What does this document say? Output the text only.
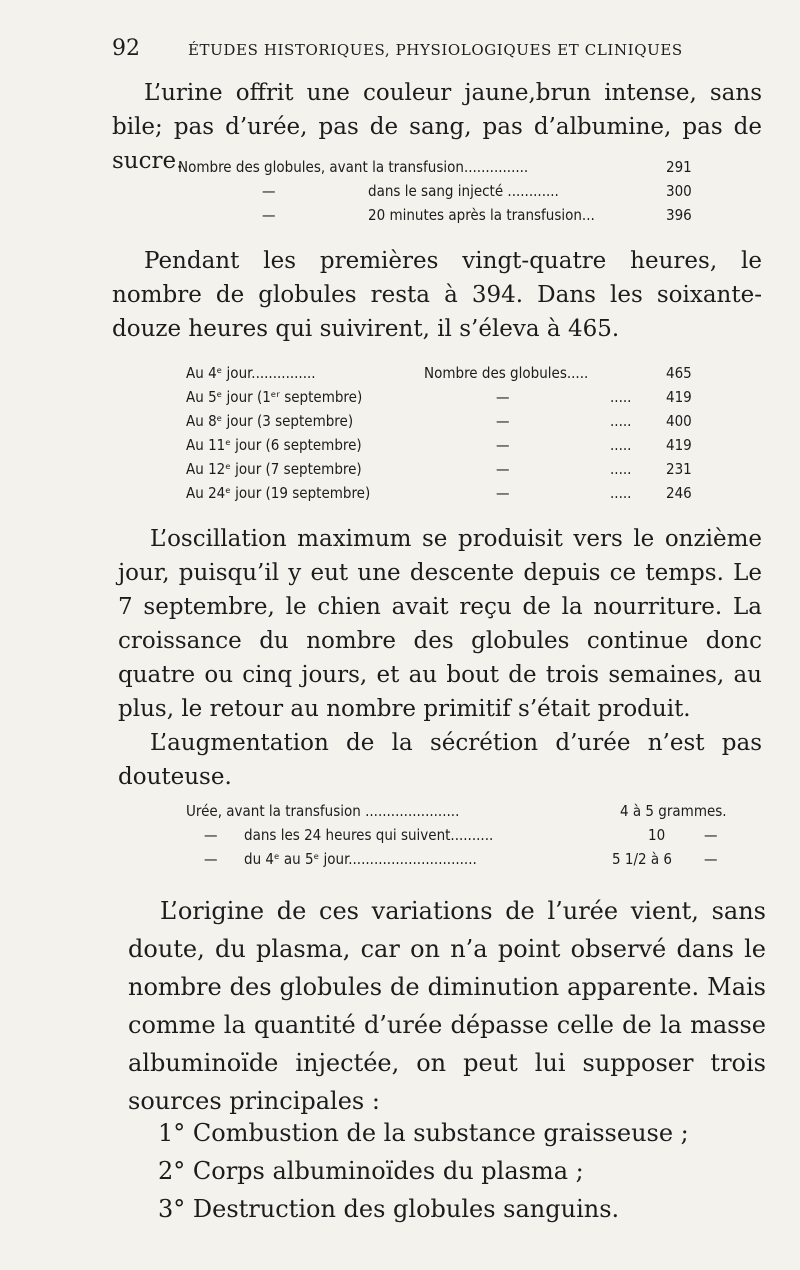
92	ÉTUDES HISTORIQUES, PHYSIOLOGIQUES ET CLINIQUES

L’urine offrit une couleur jaune,brun intense, sans bile; pas d’urée, pas de sang, pas d’albumine, pas de sucre.

Nombre des globules, avant la transfusion...............	291
—	dans le sang injecté ............	300
—	20 minutes après la transfusion...	396

Pendant les premières vingt-quatre heures, le nombre de globules resta à 394. Dans les soixante-douze heures qui suivirent, il s’éleva à 465.

Au 4ᵉ jour...............	Nombre des globules.....	465
Au 5ᵉ jour (1ᵉʳ septembre)	—	..... 419
Au 8ᵉ jour (3 septembre)	—	..... 400
Au 11ᵉ jour (6 septembre)	—	..... 419
Au 12ᵉ jour (7 septembre)	—	..... 231
Au 24ᵉ jour (19 septembre)	—	..... 246

L’oscillation maximum se produisit vers le onzième jour, puisqu’il y eut une descente depuis ce temps. Le 7 septembre, le chien avait reçu de la nourriture. La croissance du nombre des globules continue donc quatre ou cinq jours, et au bout de trois semaines, au plus, le retour au nombre primitif s’était produit.

L’augmentation de la sécrétion d’urée n’est pas douteuse.

Urée, avant la transfusion ......................	4 à 5 grammes.
— dans les 24 heures qui suivent..........	10	—
— du 4ᵉ au 5ᵉ jour..............................	5 1/2 à 6 —

L’origine de ces variations de l’urée vient, sans doute, du plasma, car on n’a point observé dans le nombre des globules de diminution apparente. Mais comme la quantité d’urée dépasse celle de la masse albuminoïde injectée, on peut lui supposer trois sources principales :

1° Combustion de la substance graisseuse ;
2° Corps albuminoïdes du plasma ;
3° Destruction des globules sanguins.
